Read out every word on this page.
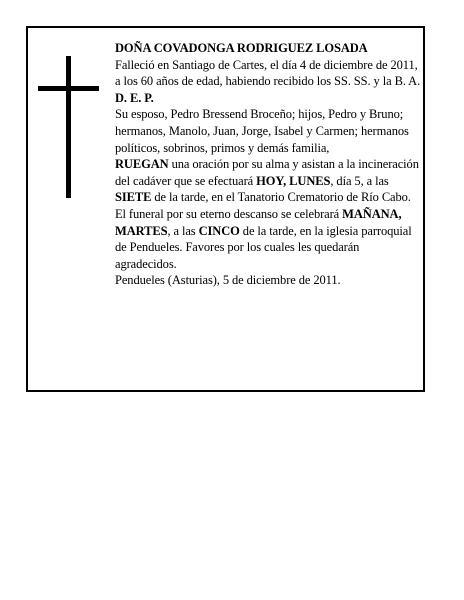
DOÑA COVADONGA RODRIGUEZ LOSADA

Falleció en Santiago de Cartes, el día 4 de diciembre de 2011, a los 60 años de edad, habiendo recibido los SS. SS. y la B. A.

D. E. P.

Su esposo, Pedro Bressend Broceño; hijos, Pedro y Bruno; hermanos, Manolo, Juan, Jorge, Isabel y Carmen; hermanos políticos, sobrinos, primos y demás familia,

RUEGAN una oración por su alma y asistan a la incineración del cadáver que se efectuará HOY, LUNES, día 5, a las SIETE de la tarde, en el Tanatorio Crematorio de Río Cabo. El funeral por su eterno descanso se celebrará MAÑANA, MARTES, a las CINCO de la tarde, en la iglesia parroquial de Pendueles. Favores por los cuales les quedarán agradecidos.

Pendueles (Asturias), 5 de diciembre de 2011.
